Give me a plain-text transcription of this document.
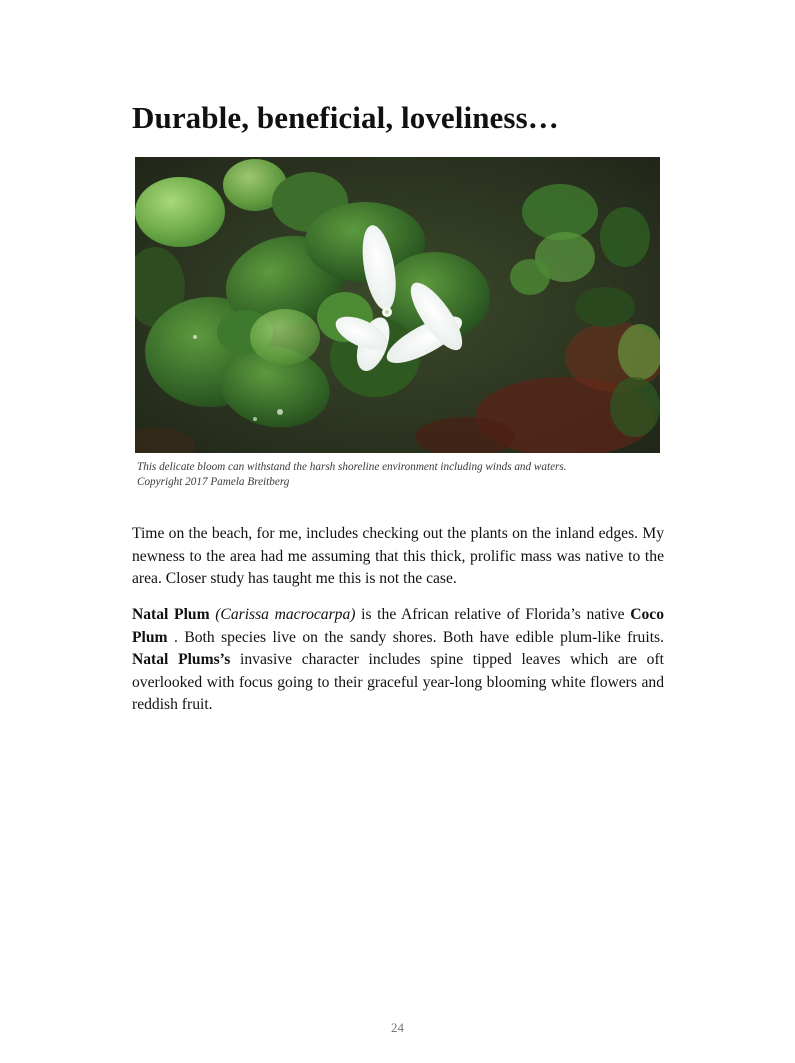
Durable, beneficial, loveliness…
This delicate bloom can withstand the harsh shoreline environment including winds and waters.
Copyright 2017 Pamela Breitberg
Time on the beach, for me, includes checking out the plants on the inland edges. My newness to the area had me assuming that this thick, prolific mass was native to the area. Closer study has taught me this is not the case.
Natal Plum (Carissa macrocarpa) is the African relative of Florida’s native Coco Plum . Both species live on the sandy shores. Both have edible plum-like fruits. Natal Plums’s invasive character includes spine tipped leaves which are oft overlooked with focus going to their graceful year-long blooming white flowers and reddish fruit.
24
